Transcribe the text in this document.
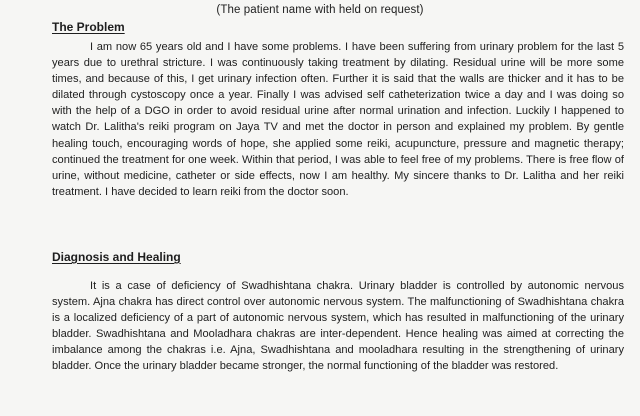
(The patient name with held on request)
The Problem

I am now 65 years old and I have some problems. I have been suffering from urinary problem for the last 5 years due to urethral stricture. I was continuously taking treatment by dilating. Residual urine will be more some times, and because of this, I get urinary infection often. Further it is said that the walls are thicker and it has to be dilated through cystoscopy once a year. Finally I was advised self catheterization twice a day and I was doing so with the help of a DGO in order to avoid residual urine after normal urination and infection. Luckily I happened to watch Dr. Lalitha's reiki program on Jaya TV and met the doctor in person and explained my problem. By gentle healing touch, encouraging words of hope, she applied some reiki, acupuncture, pressure and magnetic therapy; continued the treatment for one week. Within that period, I was able to feel free of my problems. There is free flow of urine, without medicine, catheter or side effects, now I am healthy. My sincere thanks to Dr. Lalitha and her reiki treatment. I have decided to learn reiki from the doctor soon.

Diagnosis and Healing

It is a case of deficiency of Swadhishtana chakra. Urinary bladder is controlled by autonomic nervous system. Ajna chakra has direct control over autonomic nervous system. The malfunctioning of Swadhishtana chakra is a localized deficiency of a part of autonomic nervous system, which has resulted in malfunctioning of the urinary bladder. Swadhishtana and Mooladhara chakras are inter-dependent. Hence healing was aimed at correcting the imbalance among the chakras i.e. Ajna, Swadhishtana and mooladhara resulting in the strengthening of urinary bladder. Once the urinary bladder became stronger, the normal functioning of the bladder was restored.
